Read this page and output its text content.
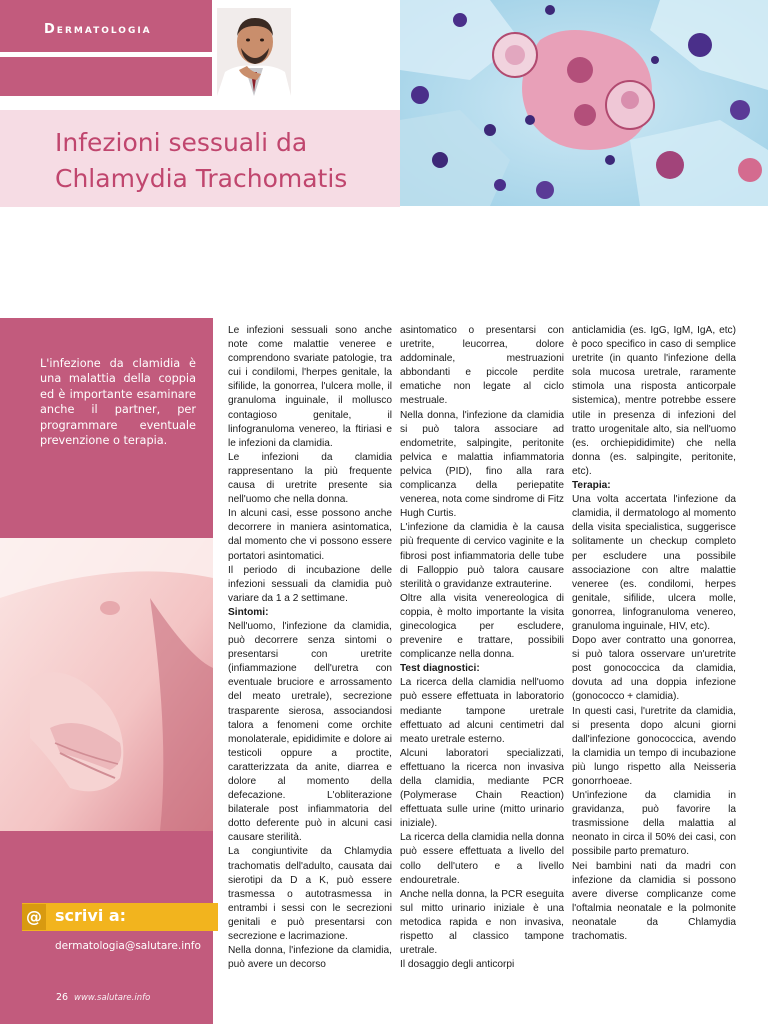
Dermatologia
Infezioni sessuali da
Chlamydia Trachomatis

L'infezione da clamidia è una malattia della coppia ed è importante esaminare anche il partner, per programmare eventuale prevenzione o terapia.

@ scrivi a:
dermatologia@salutare.info
26 www.salutare.info

Le infezioni sessuali sono anche note come malattie veneree e comprendono svariate patologie, tra cui i condilomi, l'herpes genitale, la sifilide, la gonorrea, l'ulcera molle, il granuloma inguinale, il mollusco contagioso genitale, il linfogranuloma venereo, la ftiriasi e le infezioni da clamidia.

Le infezioni da clamidia rappresentano la più frequente causa di uretrite presente sia nell'uomo che nella donna.

In alcuni casi, esse possono anche decorrere in maniera asintomatica, dal momento che vi possono essere portatori asintomatici.

Il periodo di incubazione delle infezioni sessuali da clamidia può variare da 1 a 2 settimane.

Sintomi:

Nell'uomo, l'infezione da clamidia, può decorrere senza sintomi o presentarsi con uretrite (infiammazione dell'uretra con eventuale bruciore e arrossamento del meato uretrale), secrezione trasparente sierosa, associandosi talora a fenomeni come orchite monolaterale, epididimite e dolore ai testicoli oppure a proctite, caratterizzata da anite, diarrea e dolore al momento della defecazione. L'obliterazione bilaterale post infiammatoria del dotto deferente può in alcuni casi causare sterilità.

La congiuntivite da Chlamydia trachomatis dell'adulto, causata dai sierotipi da D a K, può essere trasmessa o autotrasmessa in entrambi i sessi con le secrezioni genitali e può presentarsi con secrezione e lacrimazione.

Nella donna, l'infezione da clamidia, può avere un decorso

asintomatico o presentarsi con uretrite, leucorrea, dolore addominale, mestruazioni abbondanti e piccole perdite ematiche non legate al ciclo mestruale.

Nella donna, l'infezione da clamidia si può talora associare ad endometrite, salpingite, peritonite pelvica e malattia infiammatoria pelvica (PID), fino alla rara complicanza della periepatite venerea, nota come sindrome di Fitz Hugh Curtis.

L'infezione da clamidia è la causa più frequente di cervico vaginite e la fibrosi post infiammatoria delle tube di Falloppio può talora causare sterilità o gravidanze extrauterine.

Oltre alla visita venereologica di coppia, è molto importante la visita ginecologica per escludere, prevenire e trattare, possibili complicanze nella donna.

Test diagnostici:

La ricerca della clamidia nell'uomo può essere effettuata in laboratorio mediante tampone uretrale effettuato ad alcuni centimetri dal meato uretrale esterno.

Alcuni laboratori specializzati, effettuano la ricerca non invasiva della clamidia, mediante PCR (Polymerase Chain Reaction) effettuata sulle urine (mitto urinario iniziale).

La ricerca della clamidia nella donna può essere effettuata a livello del collo dell'utero e a livello endouretrale.

Anche nella donna, la PCR eseguita sul mitto urinario iniziale è una metodica rapida e non invasiva, rispetto al classico tampone uretrale.

Il dosaggio degli anticorpi

anticlamidia (es. IgG, IgM, IgA, etc) è poco specifico in caso di semplice uretrite (in quanto l'infezione della sola mucosa uretrale, raramente stimola una risposta anticorpale sistemica), mentre potrebbe essere utile in presenza di infezioni del tratto urogenitale alto, sia nell'uomo (es. orchiepididimite) che nella donna (es. salpingite, peritonite, etc).

Terapia:

Una volta accertata l'infezione da clamidia, il dermatologo al momento della visita specialistica, suggerisce solitamente un checkup completo per escludere una possibile associazione con altre malattie veneree (es. condilomi, herpes genitale, sifilide, ulcera molle, gonorrea, linfogranuloma venereo, granuloma inguinale, HIV, etc).

Dopo aver contratto una gonorrea, si può talora osservare un'uretrite post gonococcica da clamidia, dovuta ad una doppia infezione (gonococco + clamidia).

In questi casi, l'uretrite da clamidia, si presenta dopo alcuni giorni dall'infezione gonococcica, avendo la clamidia un tempo di incubazione più lungo rispetto alla Neisseria gonorrhoeae.

Un'infezione da clamidia in gravidanza, può favorire la trasmissione della malattia al neonato in circa il 50% dei casi, con possibile parto prematuro.

Nei bambini nati da madri con infezione da clamidia si possono avere diverse complicanze come l'oftalmia neonatale e la polmonite neonatale da Chlamydia trachomatis.
